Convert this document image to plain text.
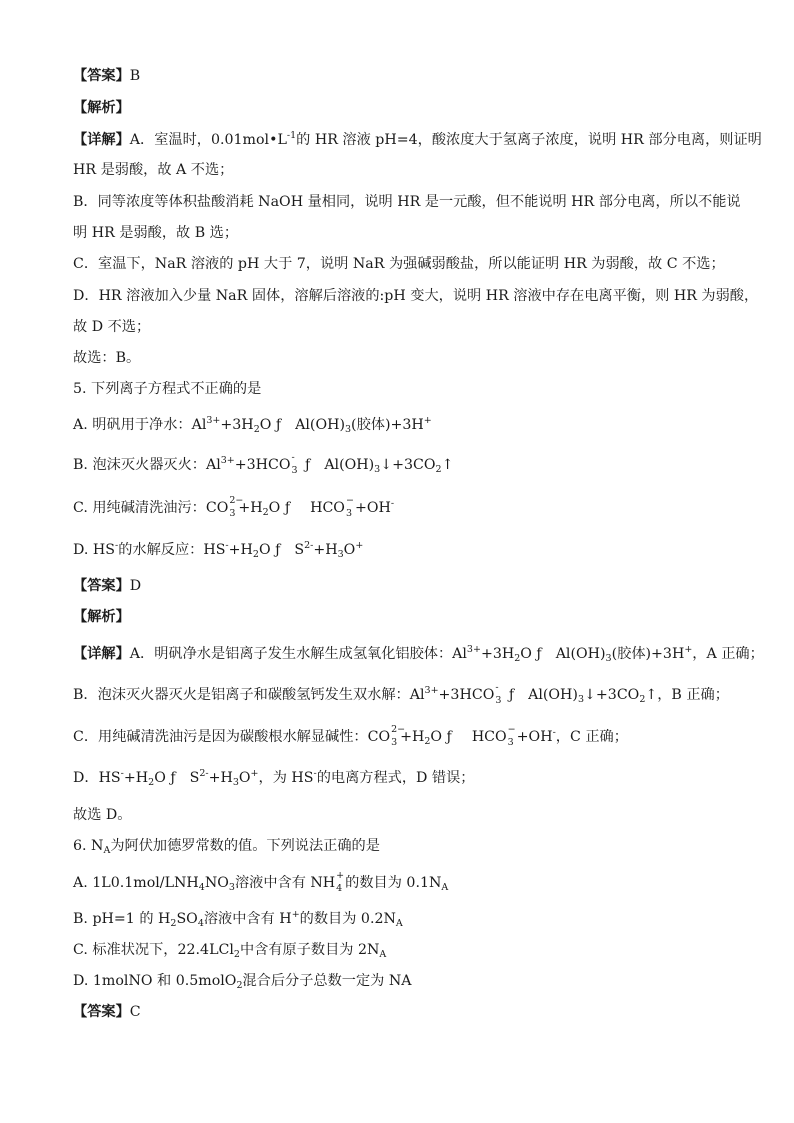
【答案】B
【解析】
【详解】A．室温时，$0.01mol•L^{-1}$的 HR 溶液 pH=4，酸浓度大于氢离子浓度，说明 HR 部分电离，则证明
HR 是弱酸，故 A 不选；
B．同等浓度等体积盐酸消耗 NaOH 量相同，说明 HR 是一元酸，但不能说明 HR 部分电离，所以不能说
明 HR 是弱酸，故 B 选；
C．室温下，NaR 溶液的 pH 大于 7，说明 NaR 为强碱弱酸盐，所以能证明 HR 为弱酸，故 C 不选；
D．HR 溶液加入少量 NaR 固体，溶解后溶液的:pH 变大，说明 HR 溶液中存在电离平衡，则 HR 为弱酸，
故 D 不选；
故选：B。
5. 下列离子方程式不正确的是
A. 明矾用于净水：$Al^{3+}+3H_2O$ ƒ $Al(OH)_3$(胶体)+3H+
B. 泡沫灭火器灭火：$Al^{3+}+3HCO$ 3
- ƒ $Al(OH)_3↓+3CO_2↑$
C. 用纯碱清洗油污：CO 2−
$3 +H_2O$ ƒ HCO −
3 +OH-
D. HS-的水解反应：$HS^-+H_2O$ ƒ $S^{2-}+H_3O^+$
【答案】D
【解析】
【详解】A．明矾净水是铝离子发生水解生成氢氧化铝胶体：$Al^{3+}+3H_2O$ ƒ $Al(OH)_3$(胶体)+3H+，A 正确；
B．泡沫灭火器灭火是铝离子和碳酸氢钙发生双水解：$Al^{3+}+3HCO$ 3
- ƒ $Al(OH)_3↓+3CO_2↑$，B 正确；
C．用纯碱清洗油污是因为碳酸根水解显碱性：CO 2−
$3 +H_2O$ ƒ HCO −
3 +OH-，C 正确；
D．$HS^-+H_2O$ ƒ $S^{2-}+H_3O^+$，为 HS-的电离方程式，D 错误；
故选 D。
6. $N_A$为阿伏加德罗常数的值。下列说法正确的是
A. $1L0.1mol/LNH_4NO_3$溶液中含有 NH +
4 的数目为 $0.1N_A$
B. pH=1 的 $H_2SO_4$溶液中含有 H+的数目为 $0.2N_A$
C. 标准状况下，22.4LCl$_2$中含有原子数目为 $2N_A$
D. 1molNO 和 0.5molO$_2$混合后分子总数一定为 NA
【答案】C
